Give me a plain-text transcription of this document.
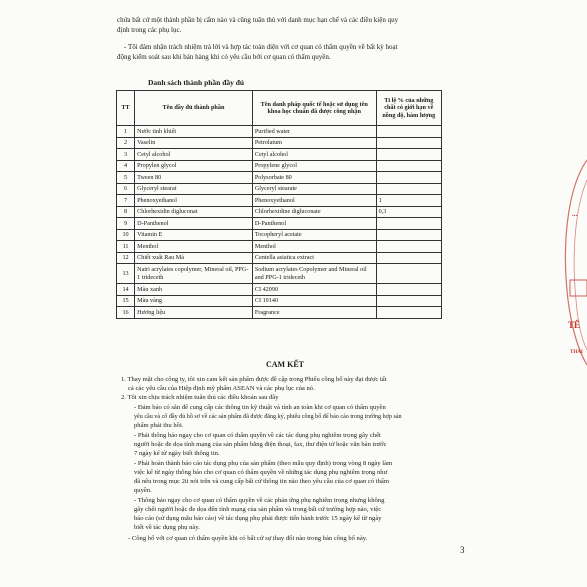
chứa bất cứ một thành phần bị cấm nào và cũng tuân thủ với danh mục hạn chế và các điều kiện quy
định trong các phụ lục.
- Tôi đảm nhận trách nhiệm trả lời và hợp tác toàn diện với cơ quan có thẩm quyền về bất kỳ hoạt
động kiểm soát sau khi bán hàng khi có yêu cầu bởi cơ quan có thẩm quyền.
Danh sách thành phần đầy đủ
TT	Tên đầy đủ thành phần	Tên danh pháp quốc tế hoặc sử dụng tên khoa học chuẩn đã được công nhận	Tỉ lệ % của những chất có giới hạn về nồng độ, hàm lượng
1	Nước tinh khiết	Purified water	
2	Vaselin	Petrolatum	
3	Cetyl alcohol	Cetyl alcohol	
4	Propylen glycol	Propylene glycol	
5	Tween 80	Polysorbate 80	
6	Glyceryl stearat	Glyceryl stearate	
7	Phenoxyethanol	Phenoxyethanol	1
8	Chlorhexidin digluconat	Chlorhexidine digluconate	0,3
9	D-Panthenol	D-Panthenol	
10	Vitamin E	Tocopheryl acetate	
11	Menthol	Menthol	
12	Chiết xuất Rau Má	Centella asiatica extract	
13	Natri acrylates copolymer, Mineral oil, PPG-1 trideceth	Sodium acrylates Copolymer and Mineral oil and PPG-1 trideceth	
14	Màu xanh	CI 42090	
15	Màu vàng	CI 19140	
16	Hương liệu	Fragrance	
CAM KẾT
1. Thay mặt cho công ty, tôi xin cam kết sản phẩm được đề cập trong Phiếu công bố này đạt được tất
cả các yêu cầu của Hiệp định mỹ phẩm ASEAN và các phụ lục của nó.
2. Tôi xin chịu trách nhiệm tuân thủ các điều khoản sau đây
- Đảm bảo có sẵn để cung cấp các thông tin kỹ thuật và tính an toàn khi cơ quan có thẩm quyền
yêu cầu và cố đầy đủ hồ sơ về các sản phẩm đã được đăng ký, phiếu công bố để báo cáo trong trường hợp sản
phẩm phải thu hồi.
- Phải thông báo ngay cho cơ quan có thẩm quyền về các tác dụng phụ nghiêm trọng gây chết
người hoặc đe dọa tính mạng của sản phẩm bằng điện thoại, fax, thư điện tử hoặc văn bản trước
7 ngày kể từ ngày biết thông tin.
- Phải hoàn thành báo cáo tác dụng phụ của sản phẩm (theo mẫu quy định) trong vòng 8 ngày làm
việc kể từ ngày thông báo cho cơ quan có thẩm quyền về những tác dụng phụ nghiêm trọng như
đã nêu trong mục 2ii nói trên và cung cấp bất cứ thông tin nào theo yêu cầu của cơ quan có thẩm
quyền.
- Thông báo ngay cho cơ quan có thẩm quyền về các phản ứng phụ nghiêm trọng nhưng không
gây chết người hoặc đe dọa đến tính mạng của sản phẩm và trong bất cứ trường hợp nào, việc
báo cáo (sử dụng mẫu báo cáo) về tác dụng phụ phải được tiến hành trước 15 ngày kể từ ngày
biết về tác dụng phụ này.
- Công bố với cơ quan có thẩm quyền khi có bất cứ sự thay đổi nào trong bản công bố này.
3
TÊ
...
THÁI
